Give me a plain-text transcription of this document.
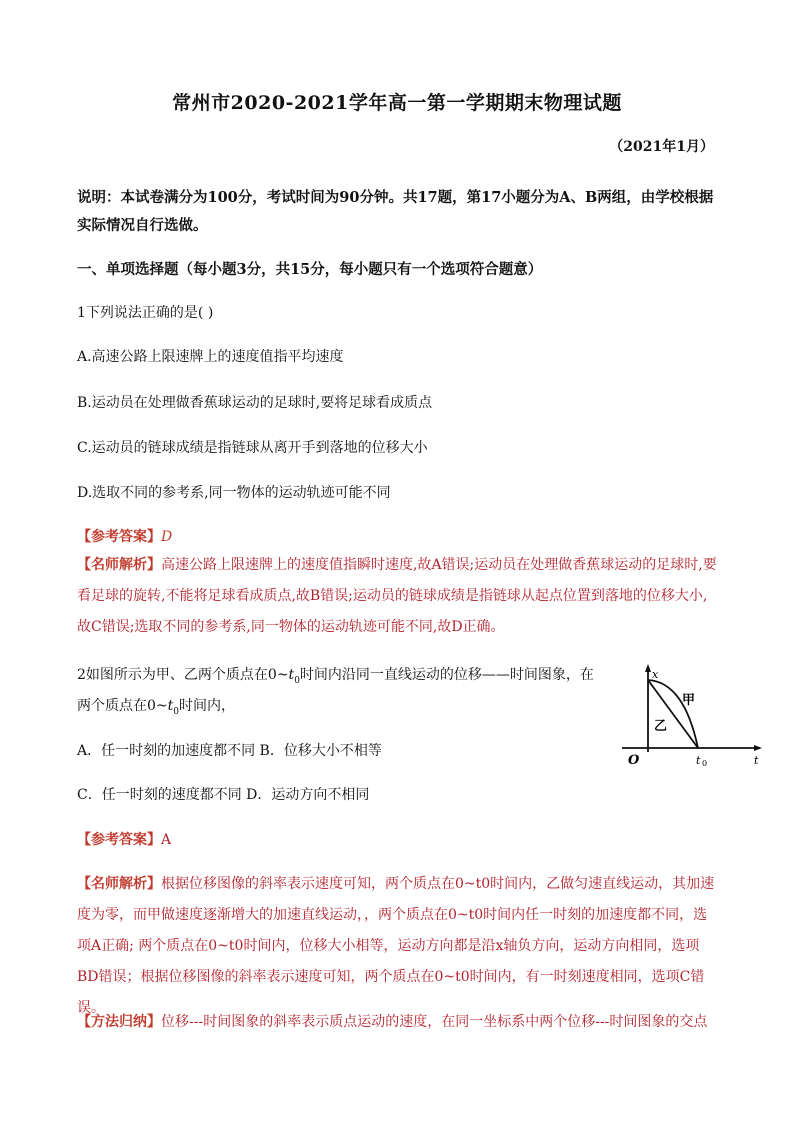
常州市2020-2021学年高一第一学期期末物理试题
（2021年1月）
说明：本试卷满分为100分，考试时间为90分钟。共17题，第17小题分为A、B两组，由学校根据实际情况自行选做。
一、单项选择题（每小题3分，共15分，每小题只有一个选项符合题意）
1下列说法正确的是( )
A.高速公路上限速牌上的速度值指平均速度
B.运动员在处理做香蕉球运动的足球时,要将足球看成质点
C.运动员的链球成绩是指链球从离开手到落地的位移大小
D.选取不同的参考系,同一物体的运动轨迹可能不同
【参考答案】D
【名师解析】高速公路上限速牌上的速度值指瞬时速度,故A错误;运动员在处理做香蕉球运动的足球时,要看足球的旋转,不能将足球看成质点,故B错误;运动员的链球成绩是指链球从起点位置到落地的位移大小,故C错误;选取不同的参考系,同一物体的运动轨迹可能不同,故D正确。
2如图所示为甲、乙两个质点在$0\sim t_0$时间内沿同一直线运动的位移——时间图象，在
两个质点在$0\sim t_0$时间内，
A．任一时刻的加速度都不同 B．位移大小不相等
C．任一时刻的速度都不同 D．运动方向不相同
【参考答案】A
【名师解析】根据位移图像的斜率表示速度可知，两个质点在0~t0时间内，乙做匀速直线运动，其加速度为零，而甲做速度逐渐增大的加速直线运动，，两个质点在0~t0时间内任一时刻的加速度都不同，选项A正确; 两个质点在0~t0时间内，位移大小相等，运动方向都是沿x轴负方向，运动方向相同，选项BD错误；根据位移图像的斜率表示速度可知，两个质点在0~t0时间内，有一时刻速度相同，选项C错误。
【方法归纳】位移---时间图象的斜率表示质点运动的速度，在同一坐标系中两个位移---时间图象的交点
x
t
O	t 0
甲
乙
